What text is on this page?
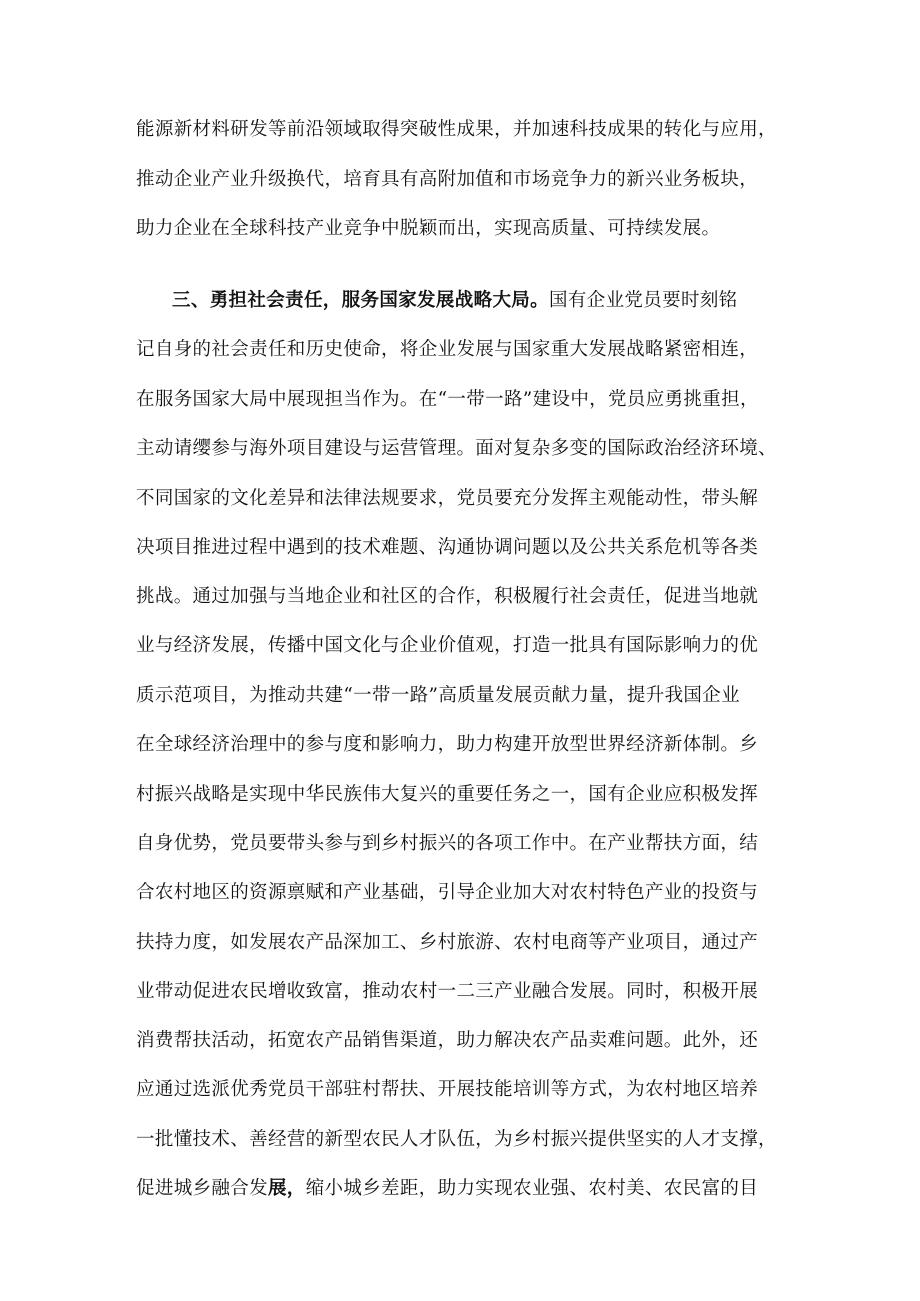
能源新材料研发等前沿领域取得突破性成果，并加速科技成果的转化与应用，
推动企业产业升级换代，培育具有高附加值和市场竞争力的新兴业务板块，
助力企业在全球科技产业竞争中脱颖而出，实现高质量、可持续发展。
三、勇担社会责任，服务国家发展战略大局。国有企业党员要时刻铭
记自身的社会责任和历史使命，将企业发展与国家重大发展战略紧密相连，
在服务国家大局中展现担当作为。在“一带一路”建设中，党员应勇挑重担，
主动请缨参与海外项目建设与运营管理。面对复杂多变的国际政治经济环境、
不同国家的文化差异和法律法规要求，党员要充分发挥主观能动性，带头解
决项目推进过程中遇到的技术难题、沟通协调问题以及公共关系危机等各类
挑战。通过加强与当地企业和社区的合作，积极履行社会责任，促进当地就
业与经济发展，传播中国文化与企业价值观，打造一批具有国际影响力的优
质示范项目，为推动共建“一带一路”高质量发展贡献力量，提升我国企业
在全球经济治理中的参与度和影响力，助力构建开放型世界经济新体制。乡
村振兴战略是实现中华民族伟大复兴的重要任务之一，国有企业应积极发挥
自身优势，党员要带头参与到乡村振兴的各项工作中。在产业帮扶方面，结
合农村地区的资源禀赋和产业基础，引导企业加大对农村特色产业的投资与
扶持力度，如发展农产品深加工、乡村旅游、农村电商等产业项目，通过产
业带动促进农民增收致富，推动农村一二三产业融合发展。同时，积极开展
消费帮扶活动，拓宽农产品销售渠道，助力解决农产品卖难问题。此外，还
应通过选派优秀党员干部驻村帮扶、开展技能培训等方式，为农村地区培养
一批懂技术、善经营的新型农民人才队伍，为乡村振兴提供坚实的人才支撑，
促进城乡融合发展，缩小城乡差距，助力实现农业强、农村美、农民富的目
